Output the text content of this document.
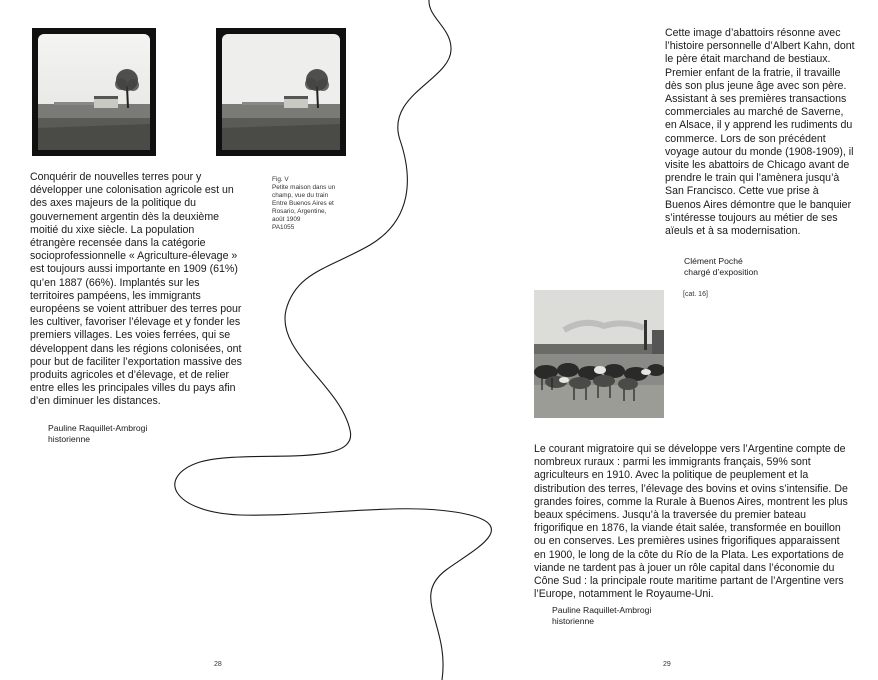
Fig. V
Petite maison dans un
champ, vue du train
Entre Buenos Aires et
Rosario, Argentine,
août 1909
PA1055
Conquérir de nouvelles terres pour y développer une colonisation agricole est un des axes majeurs de la politique du gouvernement argentin dès la deuxième moitié du xixe siècle. La population étrangère recensée dans la catégorie socioprofessionnelle « Agriculture-élevage » est toujours aussi importante en 1909 (61%) qu’en 1887 (66%). Implantés sur les territoires pampéens, les immigrants européens se voient attribuer des terres pour les cultiver, favoriser l’élevage et y fonder les premiers villages. Les voies ferrées, qui se développent dans les régions colonisées, ont pour but de faciliter l’exportation massive des produits agricoles et d’élevage, et de relier entre elles les principales villes du pays afin d’en diminuer les distances.
Pauline Raquillet-Ambrogi
historienne
28
Cette image d’abattoirs résonne avec l’histoire personnelle d’Albert Kahn, dont le père était marchand de bestiaux. Premier enfant de la fratrie, il travaille dès son plus jeune âge avec son père. Assistant à ses premières transactions commerciales au marché de Saverne, en Alsace, il y apprend les rudiments du commerce. Lors de son précédent voyage autour du monde (1908-1909), il visite les abattoirs de Chicago avant de prendre le train qui l’amènera jusqu’à San Francisco. Cette vue prise à Buenos Aires démontre que le banquier s’intéresse toujours au métier de ses aïeuls et à sa modernisation.
Clément Poché
chargé d’exposition
[cat. 16]
Le courant migratoire qui se développe vers l’Argentine compte de nombreux ruraux : parmi les immigrants français, 59% sont agriculteurs en 1910. Avec la politique de peuplement et la distribution des terres, l’élevage des bovins et ovins s’intensifie. De grandes foires, comme la Rurale à Buenos Aires, montrent les plus beaux spécimens. Jusqu’à la traversée du premier bateau frigorifique en 1876, la viande était salée, transformée en bouillon ou en conserves. Les premières usines frigorifiques apparaissent en 1900, le long de la côte du Río de la Plata. Les exportations de viande ne tardent pas à jouer un rôle capital dans l’économie du Cône Sud : la principale route maritime partant de l’Argentine vers l’Europe, notamment le Royaume-Uni.
Pauline Raquillet-Ambrogi
historienne
29
